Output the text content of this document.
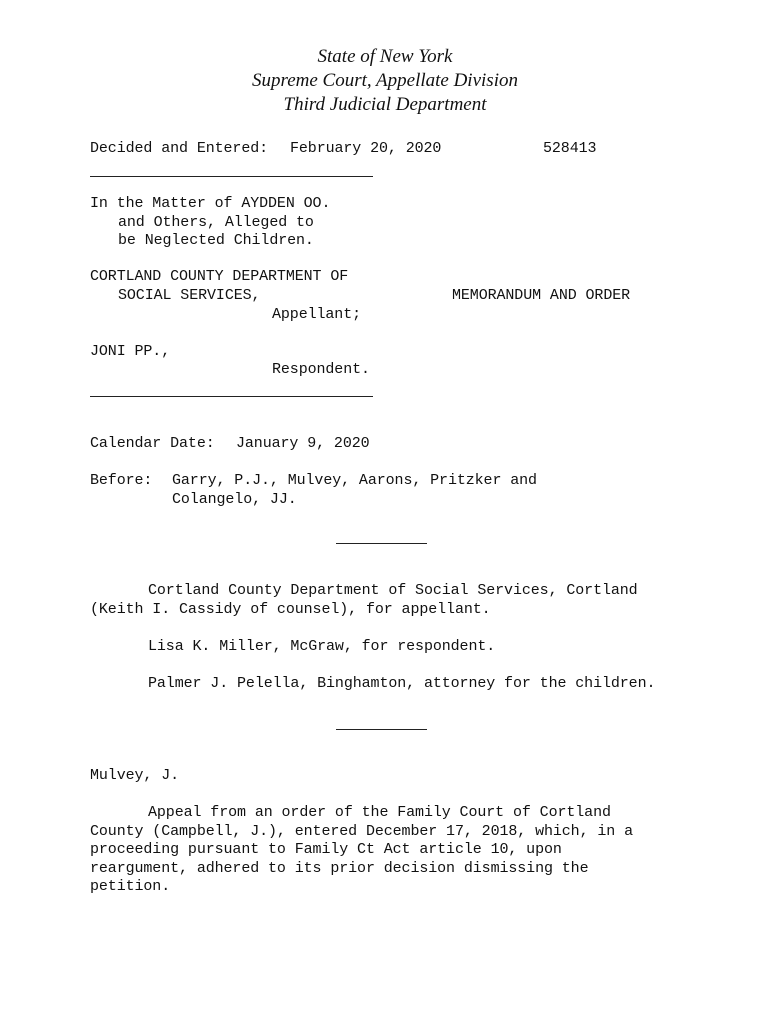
State of New York
Supreme Court, Appellate Division
Third Judicial Department
Decided and Entered: February 20, 2020	528413
In the Matter of AYDDEN OO.
and Others, Alleged to
be Neglected Children.
CORTLAND COUNTY DEPARTMENT OF
SOCIAL SERVICES,	MEMORANDUM AND ORDER
Appellant;
JONI PP.,
Respondent.
Calendar Date: January 9, 2020
Before: Garry, P.J., Mulvey, Aarons, Pritzker and
Colangelo, JJ.
Cortland County Department of Social Services, Cortland
(Keith I. Cassidy of counsel), for appellant.
Lisa K. Miller, McGraw, for respondent.
Palmer J. Pelella, Binghamton, attorney for the children.
Mulvey, J.
Appeal from an order of the Family Court of Cortland
County (Campbell, J.), entered December 17, 2018, which, in a
proceeding pursuant to Family Ct Act article 10, upon
reargument, adhered to its prior decision dismissing the
petition.
